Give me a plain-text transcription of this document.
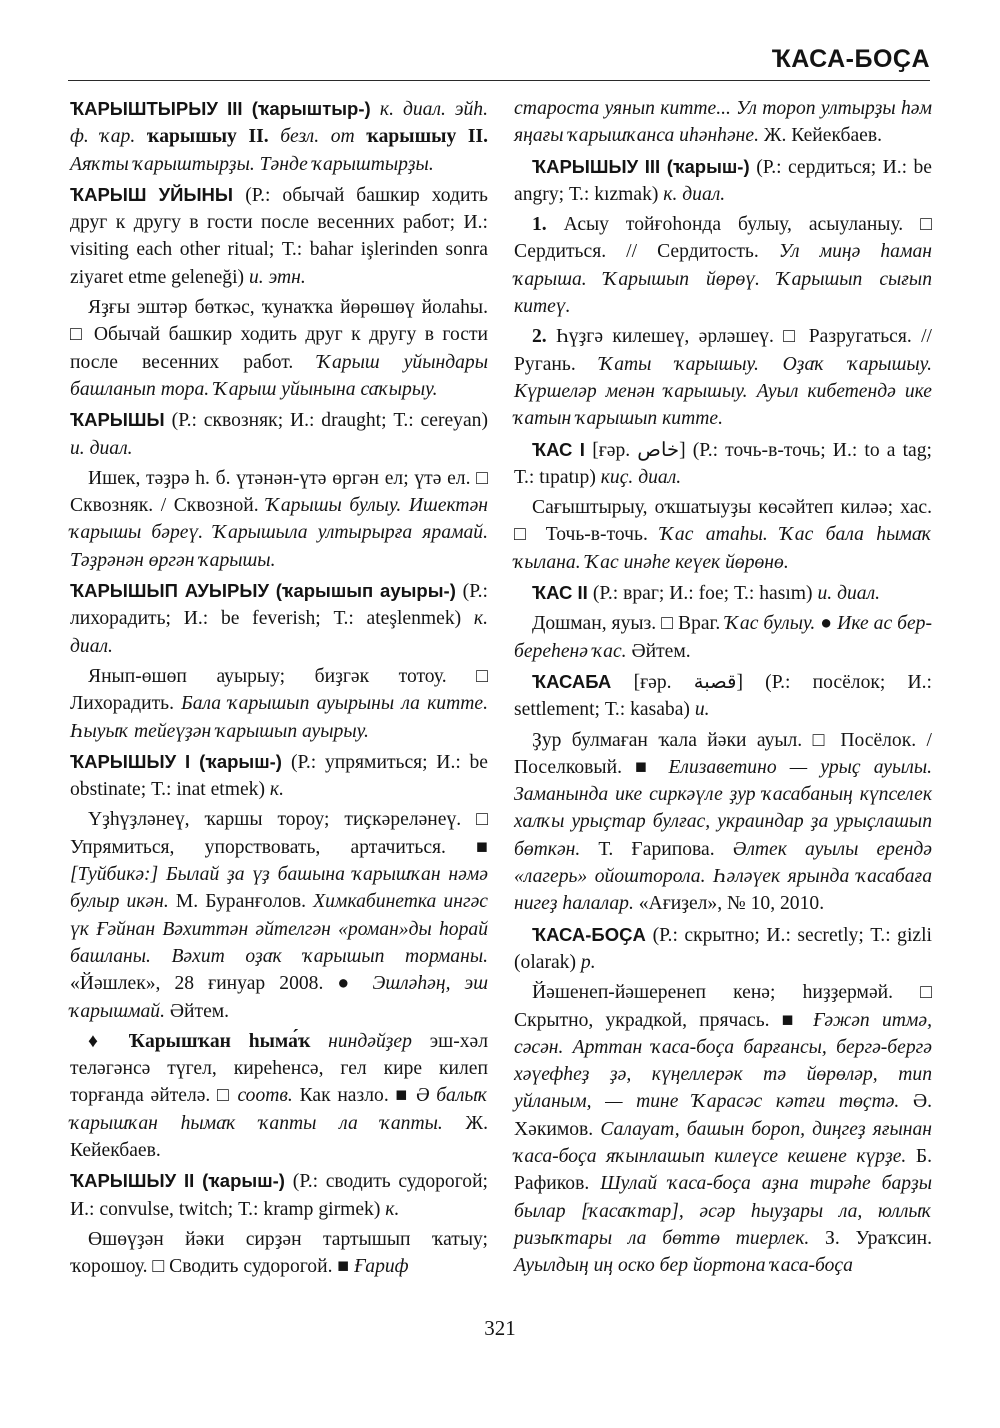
ҠАСА-БОҪА

ҠАРЫШТЫРЫУ III (ҡарыштыр-) к. диал. эйһ. ф. ҡар. ҡарышыу II. безл. от ҡарышыу II. Аяҡты ҡарыштырҙы. Тәнде ҡарыштырҙы.

ҠАРЫШ УЙЫНЫ (Р.: обычай башкир ходить друг к другу в гости после весенних работ; И.: visiting each other ritual; Т.: bahar işlerinden sonra ziyaret etme geleneği) и. этн.

Яҙғы эштәр бөткәс, ҡунаҡҡа йөрөшөү йолаһы. □ Обычай башкир ходить друг к другу в гости после весенних работ. Ҡарыш уйындары башланып тора. Ҡарыш уйынына саҡырыу.

ҠАРЫШЫ (Р.: сквозняк; И.: draught; Т.: cereyan) и. диал.

Ишек, тәҙрә һ. б. үтәнән-үтә өргән ел; үтә ел. □ Сквозняк. / Сквозной. Ҡарышы булыу. Ишектән ҡарышы бәреү. Ҡарышыла ултырырға ярамай. Тәҙрәнән өргән ҡарышы.

ҠАРЫШЫП АУЫРЫУ (ҡарышып ауыры-) (Р.: лихорадить; И.: be feverish; Т.: ateşlenmek) к. диал.

Янып-өшөп ауырыу; биҙгәк тотоу. □ Лихорадить. Бала ҡарышып ауырыны ла китте. Һыуыҡ тейеүҙән ҡарышып ауырыу.

ҠАРЫШЫУ I (ҡарыш-) (Р.: упрямиться; И.: be obstinate; Т.: inat etmek) к.

Үҙһүҙләнеү, ҡаршы тороу; тиҫкәреләнеү. □ Упрямиться, упорствовать, артачиться. ■ [Туйбикә:] Былай ҙа үҙ башына ҡарышҡан нәмә булыр икән. М. Буранғолов. Химкабинетка ингәс үк Ғәйнан Вәхиттән әйтелгән «роман»ды һорай башланы. Вәхит оҙаҡ ҡарышып торманы. «Йәшлек», 28 ғинуар 2008. ● Эшләһәң, эш ҡарышмай. Әйтем.

♦ Ҡарышҡан һыма́ҡ ниндәйҙер эш-хәл теләгәнсә түгел, киреһенсә, гел кире килеп торғанда әйтелә. □ соотв. Как назло. ■ Ә балыҡ ҡарышҡан һымаҡ ҡапты ла ҡапты. Ж. Кейекбаев.

ҠАРЫШЫУ II (ҡарыш-) (Р.: сводить судорогой; И.: convulse, twitch; Т.: kramp girmek) к.

Өшөүҙән йәки сирҙән тартышып ҡатыу; ҡорошоу. □ Сводить судорогой. ■ Ғариф

староста уянып китте... Ул тороп ултырҙы һәм яңағы ҡарышҡанса иһәнһәне. Ж. Кейекбаев.

ҠАРЫШЫУ III (ҡарыш-) (Р.: сердиться; И.: be angry; Т.: kızmak) к. диал.

1. Асыу тойғоһонда булыу, асыуланыу. □ Сердиться. // Сердитость. Ул миңә һаман ҡарыша. Ҡарышып йөрөү. Ҡарышып сығып китеү.

2. Һүҙгә килешеү, әрләшеү. □ Разругаться. // Ругань. Ҡаты ҡарышыу. Оҙаҡ ҡарышыу. Күршеләр менән ҡарышыу. Ауыл кибетендә ике ҡатын ҡарышып китте.

ҠАС I [ғәр. خاص] (Р.: точь-в-точь; И.: to a tag; Т.: tıpatıp) киҫ. диал.

Сағыштырыу, оҡшатыуҙы көсәйтеп киләә; хас. □ Точь-в-точь. Ҡас атаһы. Ҡас бала һымаҡ ҡылана. Ҡас инәһе кеүек йөрөнө.

ҠАС II (Р.: враг; И.: foe; Т.: hasım) и. диал.

Дошман, яуыз. □ Враг. Ҡас булыу. ● Ике ас бер-береһенә ҡас. Әйтем.

ҠАСАБА [ғәр. قصبة] (Р.: посёлок; И.: settlement; Т.: kasaba) и.

Ҙур булмаған ҡала йәки ауыл. □ Посёлок. / Поселковый. ■ Елизаветино — урыҫ ауылы. Заманында ике сиркәүле ҙур ҡасабаның күпселек халҡы урыҫтар булғас, украиндар ҙа урыҫлашып бөткән. Т. Ғарипова. Әлтек ауылы ерендә «лагерь» ойоштоpола. Һәләүек ярында ҡасабаға нигеҙ һалалар. «Ағиҙел», № 10, 2010.

ҠАСА-БОҪА (Р.: скрытно; И.: secretly; Т.: gizli (olarak) р.

Йәшенеп-йәшеренеп кенә; һиҙҙермәй. □ Скрытно, украдкой, прячась. ■ Ғәжәп итмә, сәсән. Арттан ҡаса-боҫа барғансы, бергә-бергә хәүефһеҙ ҙә, күңеллерәк тә йөрөләр, тип уйланым, — тине Ҡарасәс кәтғи төҫтә. Ә. Хәкимов. Салауат, башын бороп, диңгеҙ яғынан ҡаса-боҫа яҡынлашып килеүсе кешене күрҙе. Б. Рафиков. Шулай ҡаса-боҫа аҙна тирәһе барҙы былар [ҡасаҡтар], әсәр һыуҙары ла, юллыҡ ризыҡтары ла бөттө тиерлек. З. Ураҡсин. Ауылдың иң оско бер йортона ҡаса-боҫа

321
